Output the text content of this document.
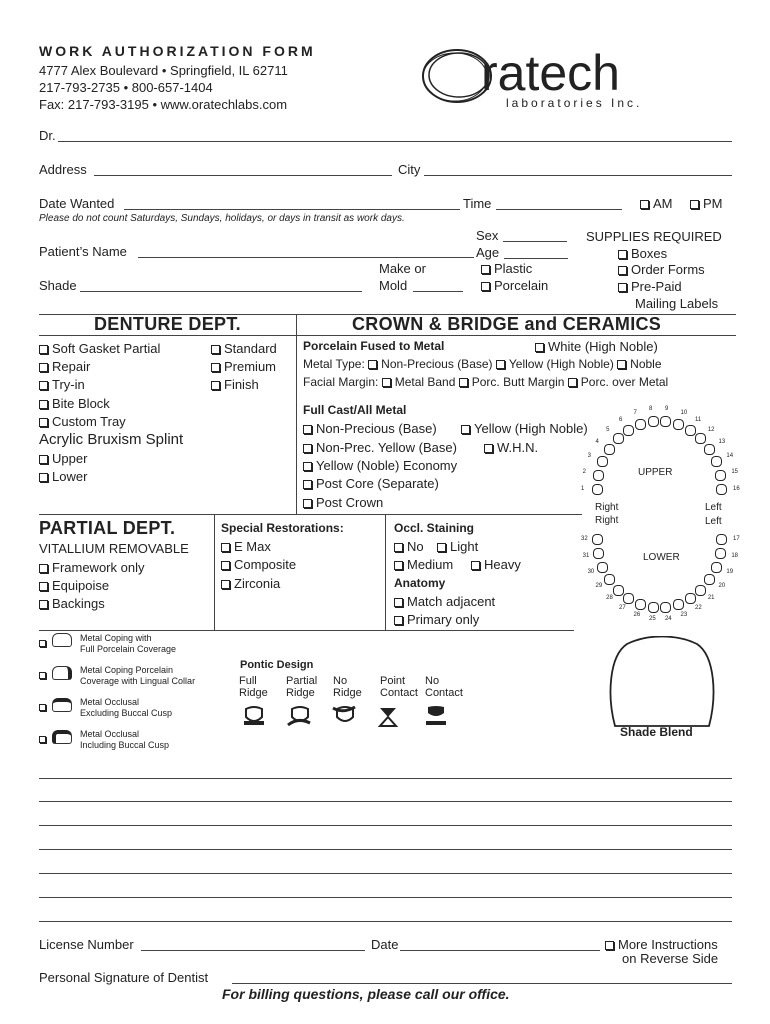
WORK AUTHORIZATION FORM
4777 Alex Boulevard • Springfield, IL 62711
217-793-2735 • 800-657-1404
Fax: 217-793-3195 • www.oratechlabs.com
ratech
laboratories Inc.
Dr.
Address	City
Date Wanted	Time	AM	PM
Please do not count Saturdays, Sundays, holidays, or days in transit as work days.
Sex
Age
Patient’s Name
Make or
Mold
Plastic
Porcelain
Shade
SUPPLIES REQUIRED
Boxes
Order Forms
Pre-Paid
Mailing Labels
DENTURE DEPT.
Soft Gasket Partial
Repair
Try-in
Bite Block
Custom Tray
Standard
Premium
Finish
Acrylic Bruxism Splint
Upper
Lower
CROWN & BRIDGE and CERAMICS
Porcelain Fused to Metal	White (High Noble)
Metal Type: Non-Precious (Base) Yellow (High Noble) Noble
Facial Margin: Metal Band Porc. Butt Margin Porc. over Metal
Full Cast/All Metal
Non-Precious (Base)	Yellow (High Noble)
Non-Prec. Yellow (Base)	W.H.N.
Yellow (Noble) Economy
Post Core (Separate)
Post Crown
PARTIAL DEPT.
VITALLIUM REMOVABLE
Framework only
Equipoise
Backings
Special Restorations:
E Max
Composite
Zirconia
Occl. Staining
No	Light
Medium	Heavy
Anatomy
Match adjacent
Primary only
1
2
3
4
5
6
7
8 9
10
11
12
13
14
15
16
32
31
30
29
28
27
26
25 24
23
22
21
20
19
18
17
UPPER
LOWER
Right	Left
Right	Left
Metal Coping with
Full Porcelain Coverage
Metal Coping Porcelain
Coverage with Lingual Collar
Metal Occlusal
Excluding Buccal Cusp
Metal Occlusal
Including Buccal Cusp
Pontic Design
Full
Ridge
Partial
Ridge
No
Ridge
Point
Contact
No
Contact
Shade Blend
License Number	Date	More Instructions
on Reverse Side
Personal Signature of Dentist
For billing questions, please call our office.
